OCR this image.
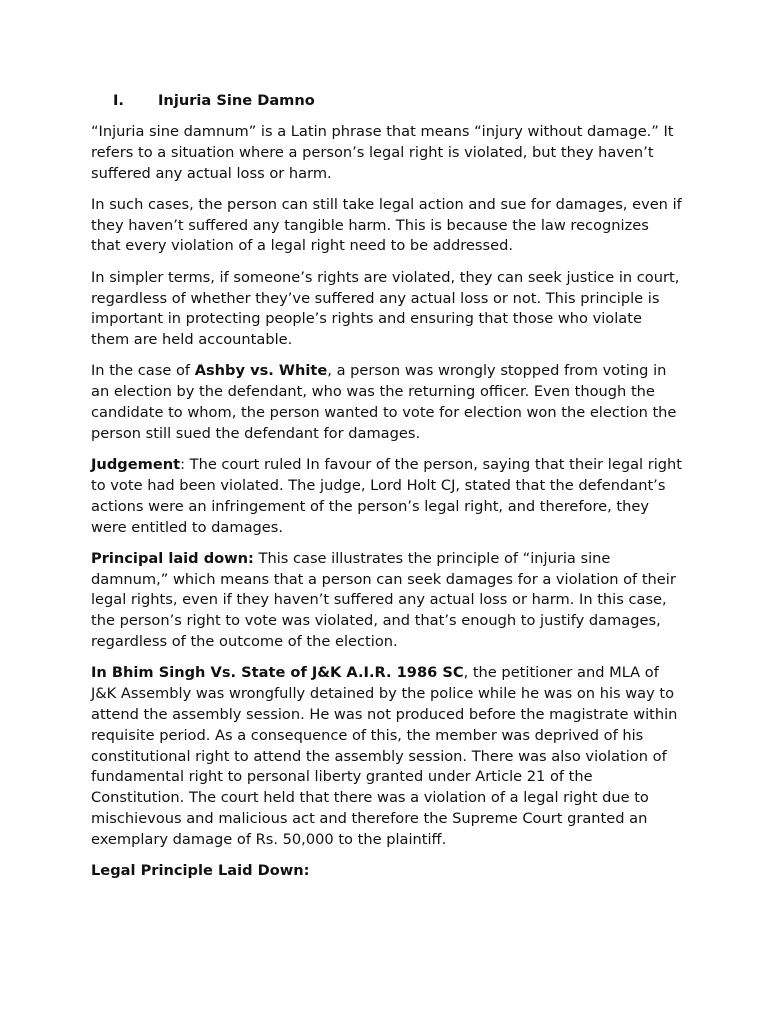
I.	Injuria Sine Damno

“Injuria sine damnum” is a Latin phrase that means “injury without damage.” It refers to a situation where a person’s legal right is violated, but they haven’t suffered any actual loss or harm.

In such cases, the person can still take legal action and sue for damages, even if they haven’t suffered any tangible harm. This is because the law recognizes that every violation of a legal right need to be addressed.

In simpler terms, if someone’s rights are violated, they can seek justice in court, regardless of whether they’ve suffered any actual loss or not. This principle is important in protecting people’s rights and ensuring that those who violate them are held accountable.

In the case of Ashby vs. White, a person was wrongly stopped from voting in an election by the defendant, who was the returning officer. Even though the candidate to whom, the person wanted to vote for election won the election the person still sued the defendant for damages.

Judgement: The court ruled In favour of the person, saying that their legal right to vote had been violated. The judge, Lord Holt CJ, stated that the defendant’s actions were an infringement of the person’s legal right, and therefore, they were entitled to damages.

Principal laid down: This case illustrates the principle of “injuria sine damnum,” which means that a person can seek damages for a violation of their legal rights, even if they haven’t suffered any actual loss or harm. In this case, the person’s right to vote was violated, and that’s enough to justify damages, regardless of the outcome of the election.

In Bhim Singh Vs. State of J&K A.I.R. 1986 SC, the petitioner and MLA of J&K Assembly was wrongfully detained by the police while he was on his way to attend the assembly session. He was not produced before the magistrate within requisite period. As a consequence of this, the member was deprived of his constitutional right to attend the assembly session. There was also violation of fundamental right to personal liberty granted under Article 21 of the Constitution. The court held that there was a violation of a legal right due to mischievous and malicious act and therefore the Supreme Court granted an exemplary damage of Rs. 50,000 to the plaintiff.

Legal Principle Laid Down:
